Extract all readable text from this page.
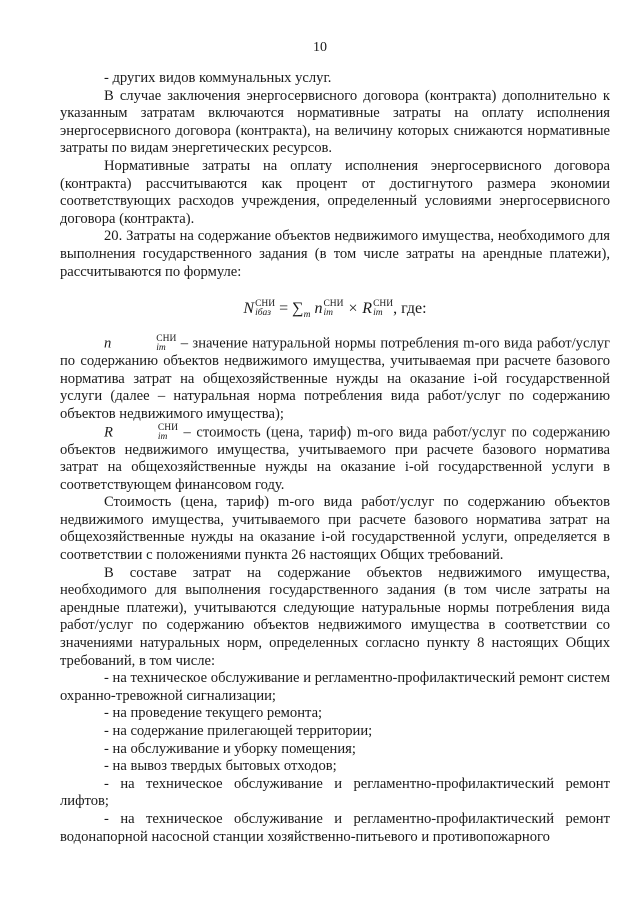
10

- других видов коммунальных услуг.

В случае заключения энергосервисного договора (контракта) дополнительно к указанным затратам включаются нормативные затраты на оплату исполнения энергосервисного договора (контракта), на величину которых снижаются нормативные затраты по видам энергетических ресурсов.

Нормативные затраты на оплату исполнения энергосервисного договора (контракта) рассчитываются как процент от достигнутого размера экономии соответствующих расходов учреждения, определенный условиями энергосервисного договора (контракта).

20. Затраты на содержание объектов недвижимого имущества, необходимого для выполнения государственного задания (в том числе затраты на арендные платежи), рассчитываются по формуле:

N СНИ
iбаз = $\sum_m$ n СНИ
im × R СНИ
im , где:

n	СНИ
im – значение натуральной нормы потребления m-ого вида работ/услуг по содержанию объектов недвижимого имущества, учитываемая при расчете базового норматива затрат на общехозяйственные нужды на оказание i-ой государственной услуги (далее – натуральная норма потребления вида работ/услуг по содержанию объектов недвижимого имущества);

R	СНИ
im – стоимость (цена, тариф) m-ого вида работ/услуг по содержанию объектов недвижимого имущества, учитываемого при расчете базового норматива затрат на общехозяйственные нужды на оказание i-ой государственной услуги в соответствующем финансовом году.

Стоимость (цена, тариф) m-ого вида работ/услуг по содержанию объектов недвижимого имущества, учитываемого при расчете базового норматива затрат на общехозяйственные нужды на оказание i-ой государственной услуги, определяется в соответствии с положениями пункта 26 настоящих Общих требований.

В составе затрат на содержание объектов недвижимого имущества, необходимого для выполнения государственного задания (в том числе затраты на арендные платежи), учитываются следующие натуральные нормы потребления вида работ/услуг по содержанию объектов недвижимого имущества в соответствии со значениями натуральных норм, определенных согласно пункту 8 настоящих Общих требований, в том числе:

- на техническое обслуживание и регламентно-профилактический ремонт систем охранно-тревожной сигнализации;

- на проведение текущего ремонта;

- на содержание прилегающей территории;

- на обслуживание и уборку помещения;

- на вывоз твердых бытовых отходов;

- на техническое обслуживание и регламентно-профилактический ремонт лифтов;

- на техническое обслуживание и регламентно-профилактический ремонт водонапорной насосной станции хозяйственно-питьевого и противопожарного
